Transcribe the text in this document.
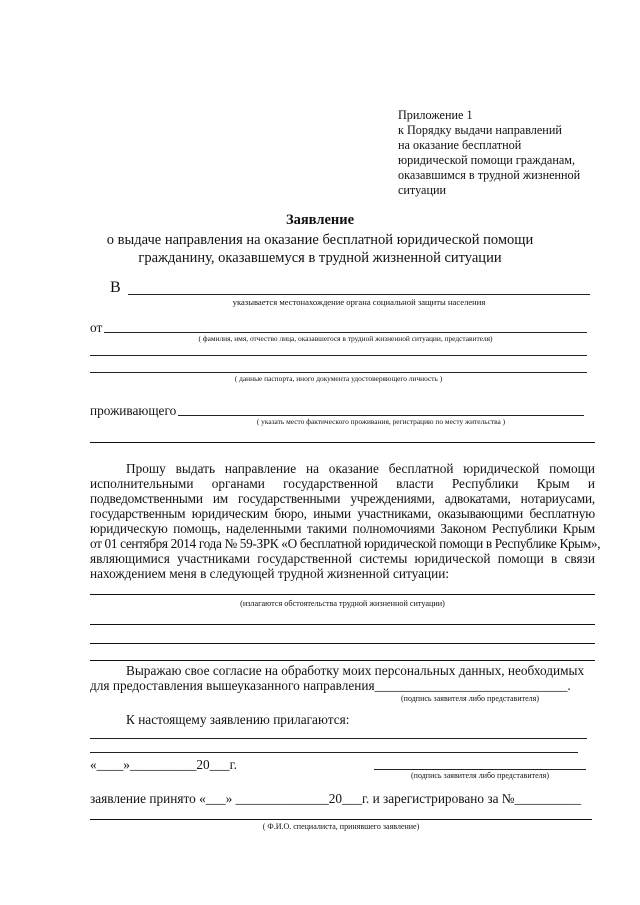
Приложение 1
к Порядку выдачи направлений
на оказание бесплатной
юридической помощи гражданам,
оказавшимся в трудной жизненной
ситуации
Заявление
о выдаче направления на оказание бесплатной юридической помощи
гражданину, оказавшемуся в трудной жизненной ситуации
В
указывается местонахождение органа социальной защиты населения
от
( фамилия, имя, отчество лица, оказавшегося в трудной жизненной ситуации, представителя)
( данные паспорта, иного документа удостоверяющего личность )
проживающего
( указать место фактического проживания, регистрацию по месту жительства )
Прошу выдать направление на оказание бесплатной юридической помощи
исполнительными органами государственной власти Республики Крым и
подведомственными им государственными учреждениями, адвокатами, нотариусами,
государственным юридическим бюро, иными участниками, оказывающими бесплатную
юридическую помощь, наделенными такими полномочиями Законом Республики Крым
от 01 сентября 2014 года № 59-ЗРК «О бесплатной юридической помощи в Республике Крым»,
являющимися участниками государственной системы юридической помощи в связи
нахождением меня в следующей трудной жизненной ситуации:
(излагаются обстоятельства трудной жизненной ситуации)
Выражаю свое согласие на обработку моих персональных данных, необходимых
для предоставления вышеуказанного направления_____________________________.
(подпись заявителя либо представителя)
К настоящему заявлению прилагаются:
«____»__________20___г.
(подпись заявителя либо представителя)
заявление принято «___» ______________20___г. и зарегистрировано за №__________
( Ф.И.О. специалиста, принявшего заявление)
